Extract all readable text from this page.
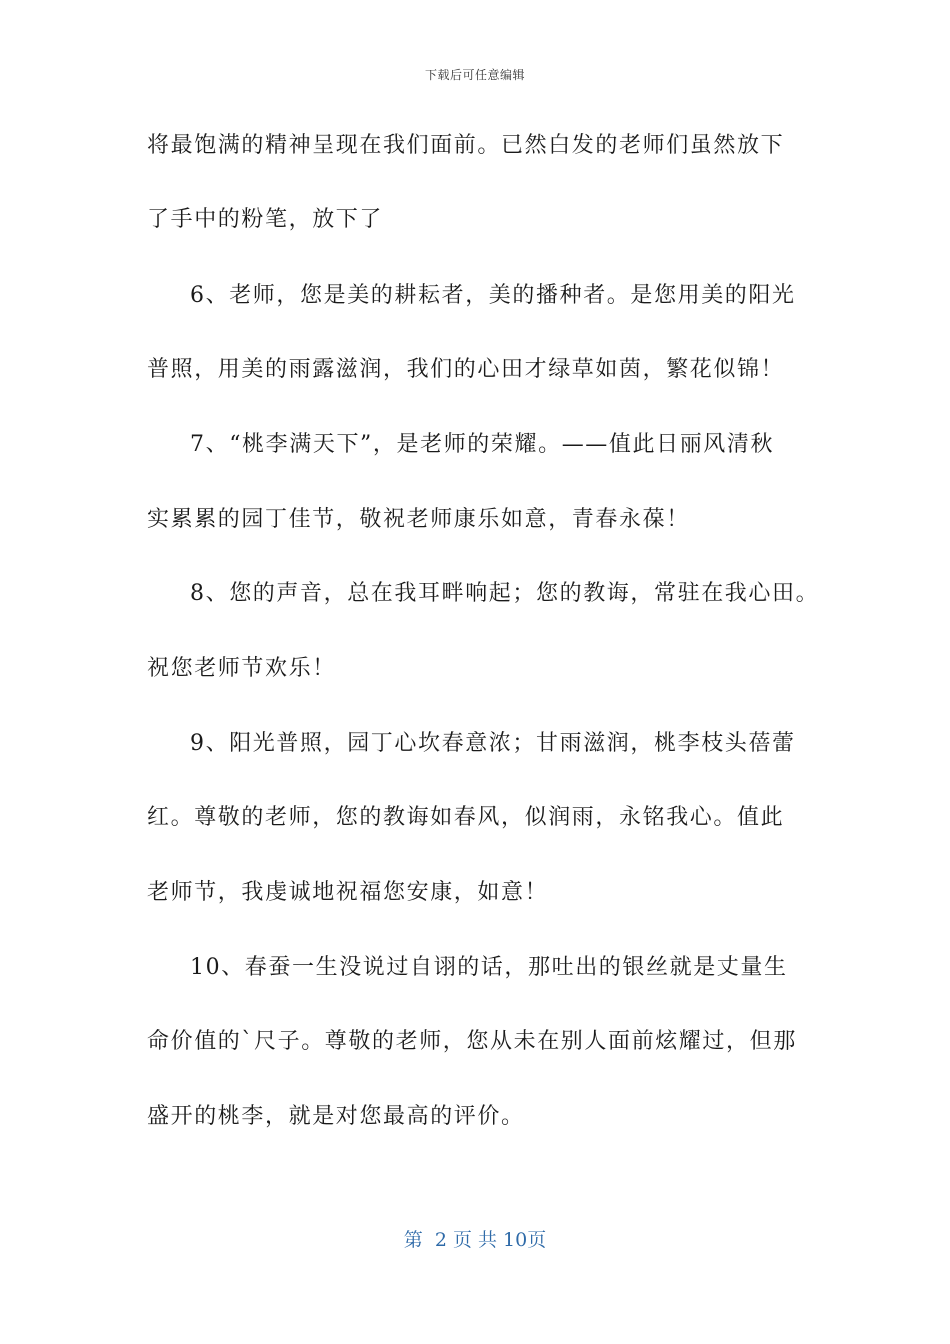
下载后可任意编辑
将最饱满的精神呈现在我们面前。已然白发的老师们虽然放下
了手中的粉笔，放下了
6、老师，您是美的耕耘者，美的播种者。是您用美的阳光
普照，用美的雨露滋润，我们的心田才绿草如茵，繁花似锦！
7、“桃李满天下”，是老师的荣耀。——值此日丽风清秋
实累累的园丁佳节，敬祝老师康乐如意，青春永葆！
8、您的声音，总在我耳畔响起；您的教诲，常驻在我心田。
祝您老师节欢乐！
9、阳光普照，园丁心坎春意浓；甘雨滋润，桃李枝头蓓蕾
红。尊敬的老师，您的教诲如春风，似润雨，永铭我心。值此
老师节，我虔诚地祝福您安康，如意！
10、春蚕一生没说过自诩的话，那吐出的银丝就是丈量生
命价值的`尺子。尊敬的老师，您从未在别人面前炫耀过，但那
盛开的桃李，就是对您最高的评价。
第  2 页 共 10页
